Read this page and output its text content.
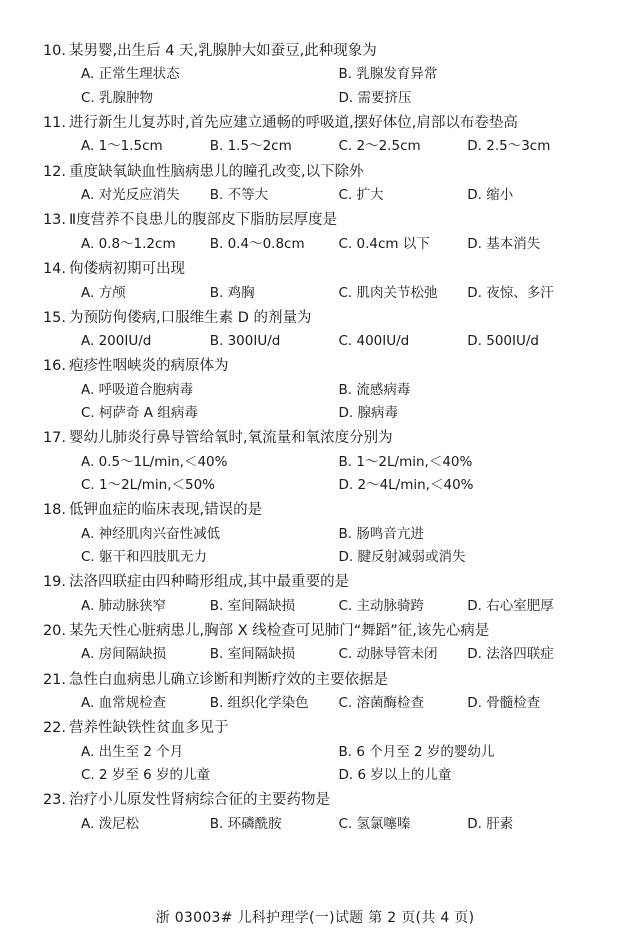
10. 某男婴,出生后 4 天,乳腺肿大如蚕豆,此种现象为
A. 正常生理状态	B. 乳腺发育异常
C. 乳腺肿物	D. 需要挤压
11. 进行新生儿复苏时,首先应建立通畅的呼吸道,摆好体位,肩部以布卷垫高
A. 1～1.5cm	B. 1.5～2cm	C. 2～2.5cm	D. 2.5～3cm
12. 重度缺氧缺血性脑病患儿的瞳孔改变,以下除外
A. 对光反应消失	B. 不等大	C. 扩大	D. 缩小
13. Ⅱ度营养不良患儿的腹部皮下脂肪层厚度是
A. 0.8～1.2cm	B. 0.4～0.8cm	C. 0.4cm 以下	D. 基本消失
14. 佝偻病初期可出现
A. 方颅	B. 鸡胸	C. 肌肉关节松弛	D. 夜惊、多汗
15. 为预防佝偻病,口服维生素 D 的剂量为
A. 200IU/d	B. 300IU/d	C. 400IU/d	D. 500IU/d
16. 疱疹性咽峡炎的病原体为
A. 呼吸道合胞病毒	B. 流感病毒
C. 柯萨奇 A 组病毒	D. 腺病毒
17. 婴幼儿肺炎行鼻导管给氧时,氧流量和氧浓度分别为
A. 0.5～1L/min,＜40%	B. 1～2L/min,＜40%
C. 1～2L/min,＜50%	D. 2～4L/min,＜40%
18. 低钾血症的临床表现,错误的是
A. 神经肌肉兴奋性减低	B. 肠鸣音亢进
C. 躯干和四肢肌无力	D. 腱反射减弱或消失
19. 法洛四联症由四种畸形组成,其中最重要的是
A. 肺动脉狭窄	B. 室间隔缺损	C. 主动脉骑跨	D. 右心室肥厚
20. 某先天性心脏病患儿,胸部 X 线检查可见肺门“舞蹈”征,该先心病是
A. 房间隔缺损	B. 室间隔缺损	C. 动脉导管未闭	D. 法洛四联症
21. 急性白血病患儿确立诊断和判断疗效的主要依据是
A. 血常规检查	B. 组织化学染色	C. 溶菌酶检查	D. 骨髓检查
22. 营养性缺铁性贫血多见于
A. 出生至 2 个月	B. 6 个月至 2 岁的婴幼儿
C. 2 岁至 6 岁的儿童	D. 6 岁以上的儿童
23. 治疗小儿原发性肾病综合征的主要药物是
A. 泼尼松	B. 环磷酰胺	C. 氢氯噻嗪	D. 肝素
浙 03003# 儿科护理学(一)试题 第 2 页(共 4 页)
